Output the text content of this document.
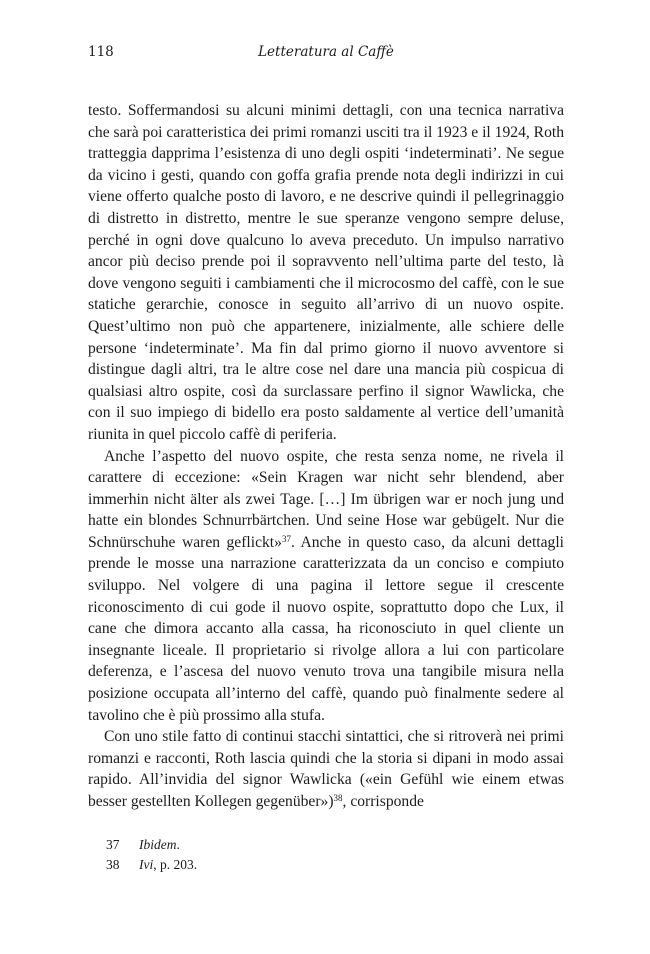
118	Letteratura al Caffè

testo. Soffermandosi su alcuni minimi dettagli, con una tecnica narrativa che sarà poi caratteristica dei primi romanzi usciti tra il 1923 e il 1924, Roth tratteggia dapprima l’esistenza di uno degli ospiti ‘indeterminati’. Ne segue da vicino i gesti, quando con goffa grafia prende nota degli indirizzi in cui viene offerto qualche posto di lavoro, e ne descrive quindi il pellegrinaggio di distretto in distretto, mentre le sue speranze vengono sempre deluse, perché in ogni dove qualcuno lo aveva preceduto. Un impulso narrativo ancor più deciso prende poi il sopravvento nell’ultima parte del testo, là dove vengono seguiti i cambiamenti che il microcosmo del caffè, con le sue statiche gerarchie, conosce in seguito all’arrivo di un nuovo ospite. Quest’ultimo non può che appartenere, inizialmente, alle schiere delle persone ‘indeterminate’. Ma fin dal primo giorno il nuovo avventore si distingue dagli altri, tra le altre cose nel dare una mancia più cospicua di qualsiasi altro ospite, così da surclassare perfino il signor Wawlicka, che con il suo impiego di bidello era posto saldamente al vertice dell’umanità riunita in quel piccolo caffè di periferia.

Anche l’aspetto del nuovo ospite, che resta senza nome, ne rivela il carattere di eccezione: «Sein Kragen war nicht sehr blendend, aber immerhin nicht älter als zwei Tage. […] Im übrigen war er noch jung und hatte ein blondes Schnurrbärtchen. Und seine Hose war gebügelt. Nur die Schnürschuhe waren geflickt»$^{37}$. Anche in questo caso, da alcuni dettagli prende le mosse una narrazione caratterizzata da un conciso e compiuto sviluppo. Nel volgere di una pagina il lettore segue il crescente riconoscimento di cui gode il nuovo ospite, soprattutto dopo che Lux, il cane che dimora accanto alla cassa, ha riconosciuto in quel cliente un insegnante liceale. Il proprietario si rivolge allora a lui con particolare deferenza, e l’ascesa del nuovo venuto trova una tangibile misura nella posizione occupata all’interno del caffè, quando può finalmente sedere al tavolino che è più prossimo alla stufa.

Con uno stile fatto di continui stacchi sintattici, che si ritroverà nei primi romanzi e racconti, Roth lascia quindi che la storia si dipani in modo assai rapido. All’invidia del signor Wawlicka («ein Gefühl wie einem etwas besser gestellten Kollegen gegenüber»)$^{38}$, corrisponde

37	Ibidem.
38	Ivi, p. 203.
